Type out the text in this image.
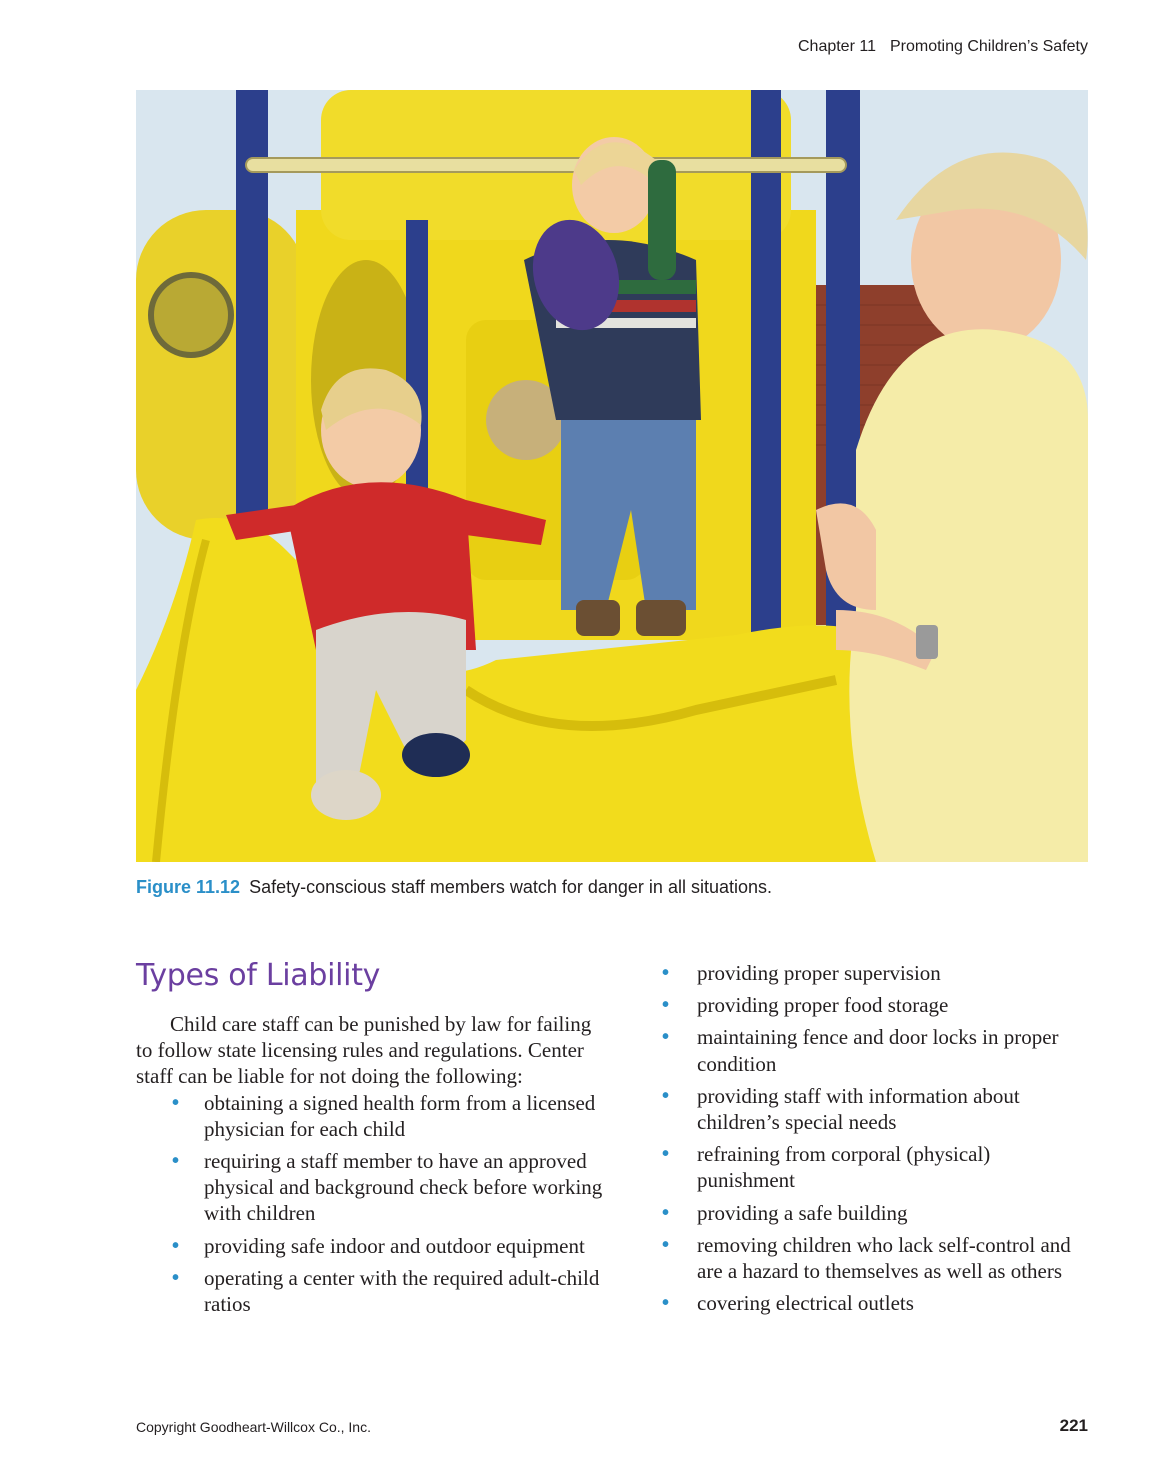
Chapter 11 Promoting Children’s Safety
Figure 11.12 Safety-conscious staff members watch for danger in all situations.
Types of Liability

Child care staff can be punished by law for failing to follow state licensing rules and regulations. Center staff can be liable for not doing the following:

• obtaining a signed health form from a licensed physician for each child
• requiring a staff member to have an approved physical and background check before working with children
• providing safe indoor and outdoor equipment
• operating a center with the required adult-child ratios
• providing proper supervision
• providing proper food storage
• maintaining fence and door locks in proper condition
• providing staff with information about children’s special needs
• refraining from corporal (physical) punishment
• providing a safe building
• removing children who lack self-control and are a hazard to themselves as well as others
• covering electrical outlets
Copyright Goodheart-Willcox Co., Inc.	221
